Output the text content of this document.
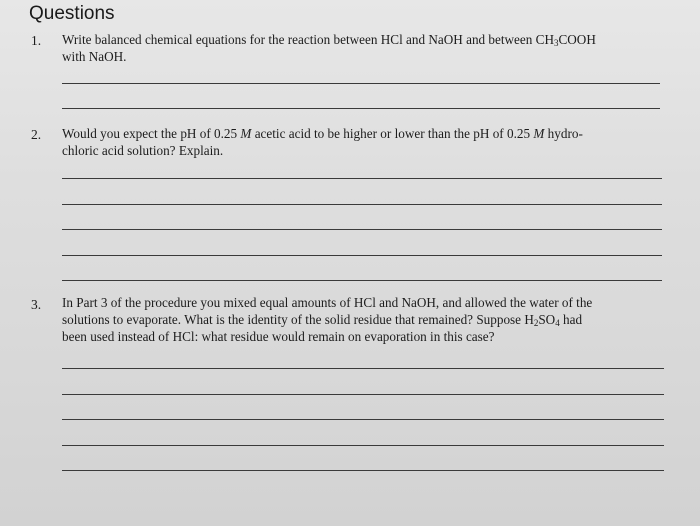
Questions
1. Write balanced chemical equations for the reaction between HCl and NaOH and between $CH_3COOH$
with NaOH.
2. Would you expect the pH of 0.25 M acetic acid to be higher or lower than the pH of 0.25 M hydro-
chloric acid solution? Explain.
3. In Part 3 of the procedure you mixed equal amounts of HCl and NaOH, and allowed the water of the
solutions to evaporate. What is the identity of the solid residue that remained? Suppose $H_2SO_4$ had
been used instead of HCl: what residue would remain on evaporation in this case?
